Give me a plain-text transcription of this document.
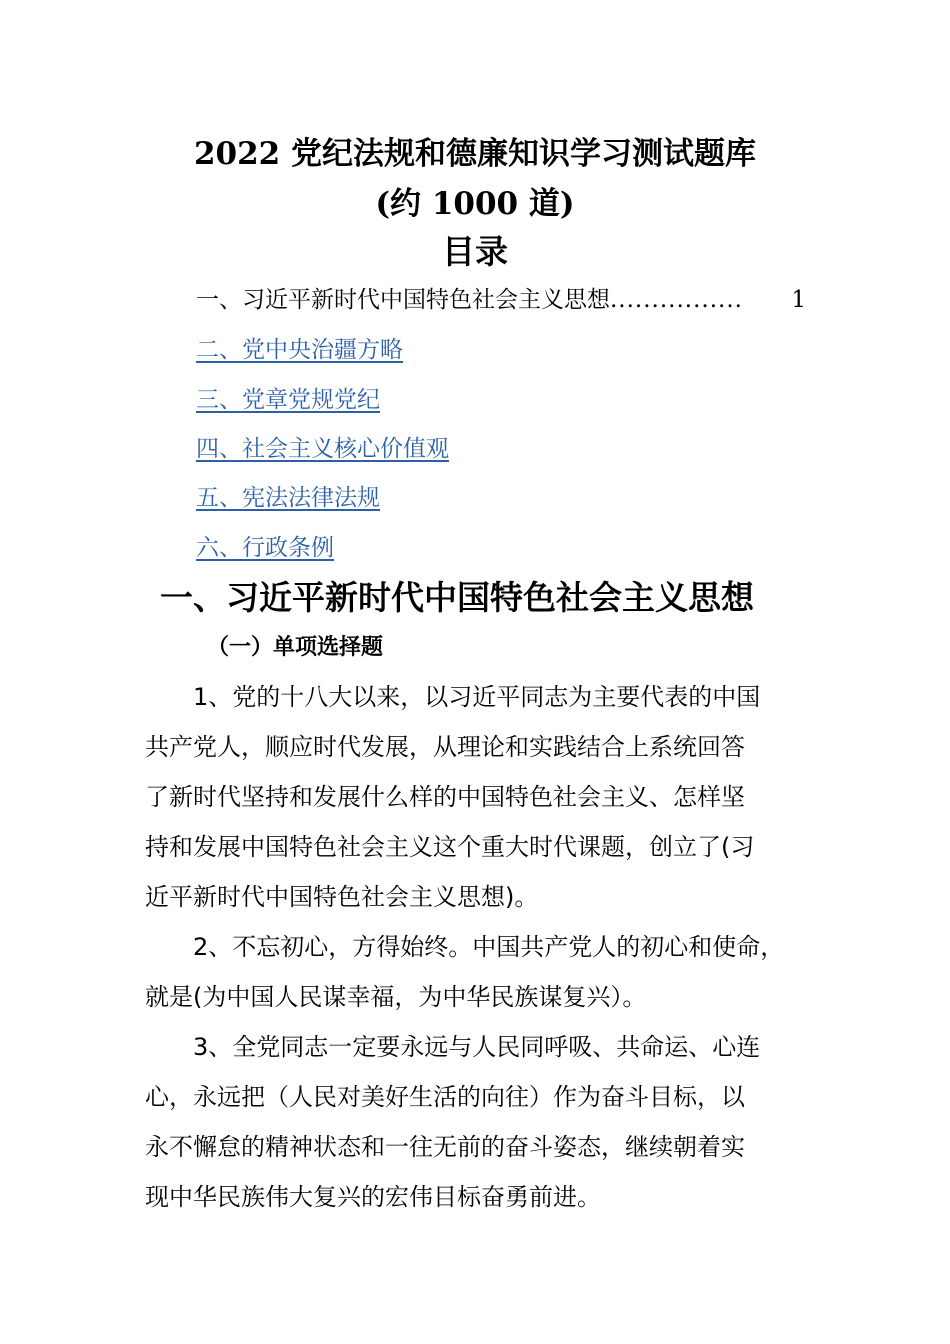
2022 党纪法规和德廉知识学习测试题库
(约 1000 道)
目录
一、习近平新时代中国特色社会主义思想 ................	1
二、党中央治疆方略
三、党章党规党纪
四、社会主义核心价值观
五、宪法法律法规
六、行政条例
一、习近平新时代中国特色社会主义思想
（一）单项选择题
1、党的十八大以来，以习近平同志为主要代表的中国
共产党人，顺应时代发展，从理论和实践结合上系统回答
了新时代坚持和发展什么样的中国特色社会主义、怎样坚
持和发展中国特色社会主义这个重大时代课题，创立了(习
近平新时代中国特色社会主义思想)。
2、不忘初心，方得始终。中国共产党人的初心和使命，
就是(为中国人民谋幸福，为中华民族谋复兴）。
3、全党同志一定要永远与人民同呼吸、共命运、心连
心，永远把（人民对美好生活的向往）作为奋斗目标，以
永不懈怠的精神状态和一往无前的奋斗姿态，继续朝着实
现中华民族伟大复兴的宏伟目标奋勇前进。
